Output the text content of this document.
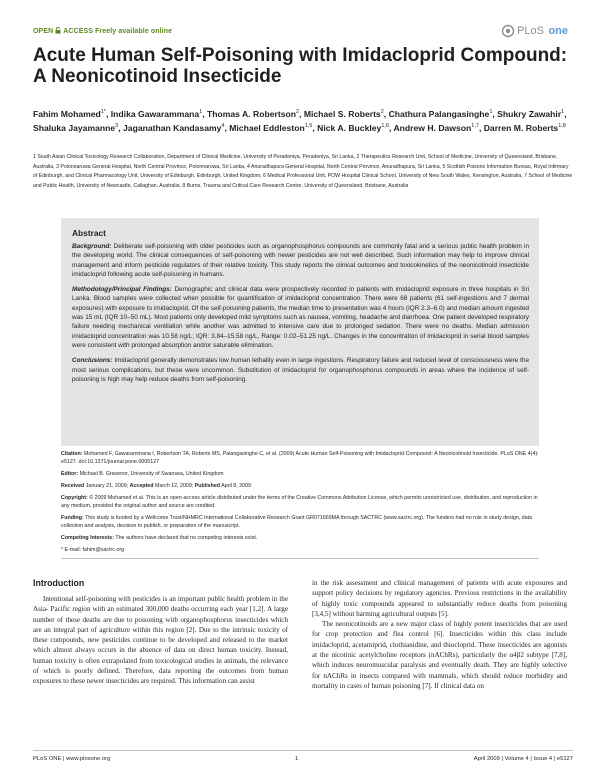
OPEN ACCESS Freely available online	PLoS one
Acute Human Self-Poisoning with Imidacloprid Compound: A Neonicotinoid Insecticide
Fahim Mohamed$^{1*}$, Indika Gawarammana$^1$, Thomas A. Robertson$^2$, Michael S. Roberts$^2$, Chathura Palangasinghe$^1$, Shukry Zawahir$^1$, Shaluka Jayamanne$^3$, Jaganathan Kandasamy$^4$, Michael Eddleston$^{1,5}$, Nick A. Buckley$^{1,6}$, Andrew H. Dawson$^{1,7}$, Darren M. Roberts$^{1,8}$
1 South Asian Clinical Toxicology Research Collaboration, Department of Clinical Medicine, University of Peradeniya, Peradeniya, Sri Lanka, 2 Therapeutics Research Unit, School of Medicine, University of Queensland, Brisbane, Australia, 3 Polonnaruwa General Hospital, North Central Province, Polonnaruwa, Sri Lanka, 4 Anuradhapura General Hospital, North Central Province, Anuradhapura, Sri Lanka, 5 Scottish Poisons Information Bureau, Royal Infirmary of Edinburgh, and Clinical Pharmacology Unit, University of Edinburgh, Edinburgh, United Kingdom, 6 Medical Professorial Unit, POW Hospital Clinical School, University of New South Wales, Kensington, Australia, 7 School of Medicine and Public Health, University of Newcastle, Callaghan, Australia, 8 Burns, Trauma and Critical Care Research Centre, University of Queensland, Brisbane, Australia
Abstract

Background: Deliberate self-poisoning with older pesticides such as organophosphorus compounds are commonly fatal and a serious public health problem in the developing world. The clinical consequences of self-poisoning with newer pesticides are not well described. Such information may help to improve clinical management and inform pesticide regulators of their relative toxicity. This study reports the clinical outcomes and toxicokinetics of the neonicotinoid insecticide imidacloprid following acute self-poisoning in humans.

Methodology/Principal Findings: Demographic and clinical data were prospectively recorded in patients with imidacloprid exposure in three hospitals in Sri Lanka. Blood samples were collected when possible for quantification of imidacloprid concentration. There were 68 patients (61 self-ingestions and 7 dermal exposures) with exposure to imidacloprid. Of the self-poisoning patients, the median time to presentation was 4 hours (IQR 2.3–6.0) and median amount ingested was 15 mL (IQR 10–50 mL). Most patients only developed mild symptoms such as nausea, vomiting, headache and diarrhoea. One patient developed respiratory failure needing mechanical ventilation while another was admitted to intensive care due to prolonged sedation. There were no deaths. Median admission imidacloprid concentration was 10.58 ng/L; IQR: 3.84–15.58 ng/L, Range: 0.02–51.25 ng/L. Changes in the concentration of imidacloprid in serial blood samples were consistent with prolonged absorption and/or saturable elimination.

Conclusions: Imidacloprid generally demonstrates low human lethality even in large ingestions. Respiratory failure and reduced level of consciousness were the most serious complications, but these were uncommon. Substitution of imidacloprid for organophosphorus compounds in areas where the incidence of self-poisoning is high may help reduce deaths from self-poisoning.

Citation: Mohamed F, Gawarammana I, Robertson TA, Roberts MS, Palangasinghe C, et al. (2009) Acute Human Self-Poisoning with Imidacloprid Compound: A Neonicotinoid Insecticide. PLoS ONE 4(4): e5127. doi:10.1371/journal.pone.0005127

Editor: Michael B. Gravenor, University of Swansea, United Kingdom

Received January 21, 2009; Accepted March 12, 2009; Published April 8, 2009

Copyright: © 2009 Mohamed et al. This is an open-access article distributed under the terms of the Creative Commons Attribution License, which permits unrestricted use, distribution, and reproduction in any medium, provided the original author and source are credited.

Funding: This study is funded by a Wellcome Trust/NHMRC International Collaborative Research Grant GR071669MA through SACTRC (www.sactrc.org). The funders had no role in study design, data collection and analysis, decision to publish, or preparation of the manuscript.

Competing Interests: The authors have declared that no competing interests exist.

* E-mail: fahim@sactrc.org

Introduction

Intentional self-poisoning with pesticides is an important public health problem in the Asia- Pacific region with an estimated 300,000 deaths occurring each year [1,2]. A large number of these deaths are due to poisoning with organophosphorus insecticides which are an integral part of agriculture within this region [2]. Due to the intrinsic toxicity of these compounds, new pesticides continue to be developed and released to the market which almost always occurs in the absence of data on direct human toxicity. Instead, human toxicity is often extrapolated from toxicological studies in animals, the relevance of which is poorly defined. Therefore, data reporting the outcomes from human exposures to these newer insecticides are required. This information can assist

in the risk assessment and clinical management of patients with acute exposures and support policy decisions by regulatory agencies. Previous restrictions in the availability of highly toxic compounds appeared to substantially reduce deaths from poisoning [3,4,5] without harming agricultural outputs [5].

The neonicotinoids are a new major class of highly potent insecticides that are used for crop protection and flea control [6]. Insecticides within this class include imidacloprid, acetamiprid, clothianidine, and thiocloprid. These insecticides are agonists at the nicotinic acetylcholine receptors (nAChRs), particularly the α4β2 subtype [7,8], which induces neuromuscular paralysis and eventually death. They are highly selective for nAChRs in insects compared with mammals, which should reduce morbidity and mortality in cases of human poisoning [7]. If clinical data on

PLoS ONE | www.plosone.org	1	April 2009 | Volume 4 | Issue 4 | e5127
